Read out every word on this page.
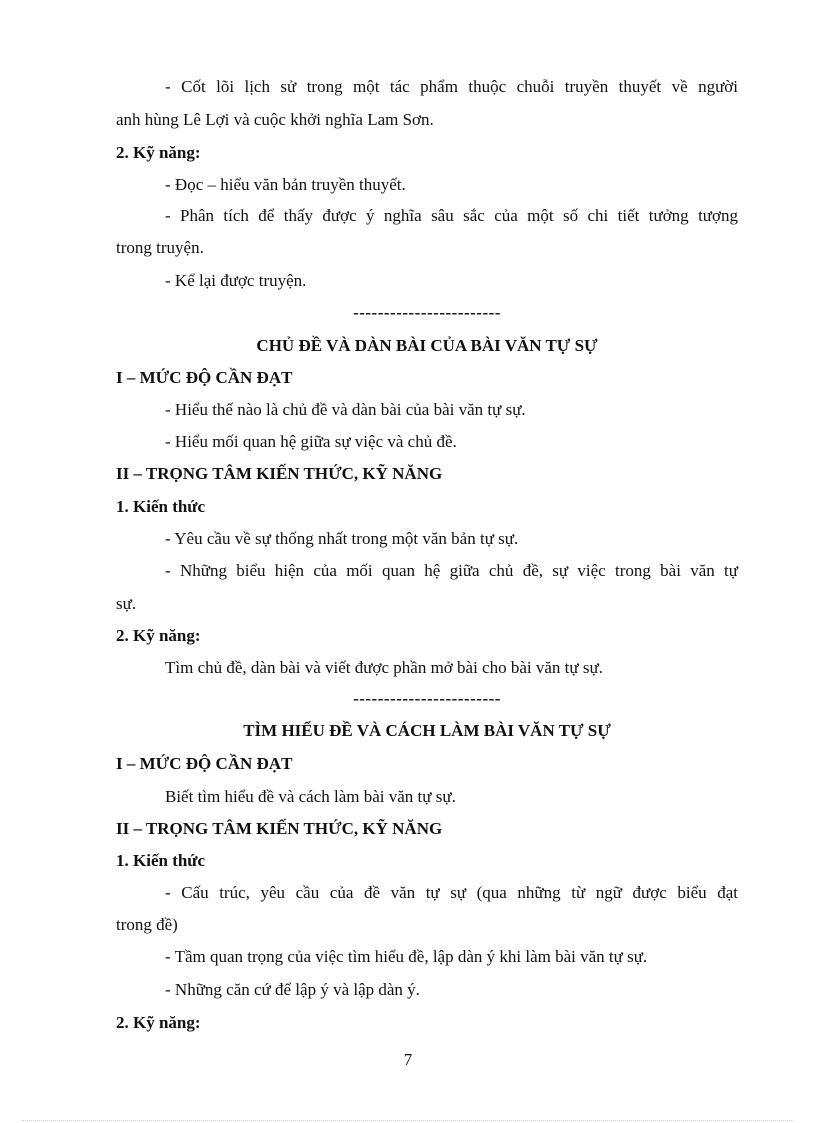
- Cốt lõi lịch sử trong một tác phẩm thuộc chuỗi truyền thuyết về người
anh hùng Lê Lợi và cuộc khởi nghĩa Lam Sơn.
2. Kỹ năng:
- Đọc – hiểu văn bản truyền thuyết.
- Phân tích để thấy được ý nghĩa sâu sắc của một số chi tiết tưởng tượng
trong truyện.
- Kể lại được truyện.
------------------------
CHỦ ĐỀ VÀ DÀN BÀI CỦA BÀI VĂN TỰ SỰ
I – MỨC ĐỘ CẦN ĐẠT
- Hiểu thế nào là chủ đề và dàn bài của bài văn tự sự.
- Hiểu mối quan hệ giữa sự việc và chủ đề.
II – TRỌNG TÂM KIẾN THỨC, KỸ NĂNG
1. Kiến thức
- Yêu cầu về sự thống nhất trong một văn bản tự sự.
- Những biểu hiện của mối quan hệ giữa chủ đề, sự việc trong bài văn tự
sự.
2. Kỹ năng:
Tìm chủ đề, dàn bài và viết được phần mở bài cho bài văn tự sự.
------------------------
TÌM HIỂU ĐỀ VÀ CÁCH LÀM BÀI VĂN TỰ SỰ
I – MỨC ĐỘ CẦN ĐẠT
Biết tìm hiểu đề và cách làm bài văn tự sự.
II – TRỌNG TÂM KIẾN THỨC, KỸ NĂNG
1. Kiến thức
- Cấu trúc, yêu cầu của đề văn tự sự (qua những từ ngữ được biểu đạt
trong đề)
- Tầm quan trọng của việc tìm hiểu đề, lập dàn ý khi làm bài văn tự sự.
- Những căn cứ để lập ý và lập dàn ý.
2. Kỹ năng:
7
